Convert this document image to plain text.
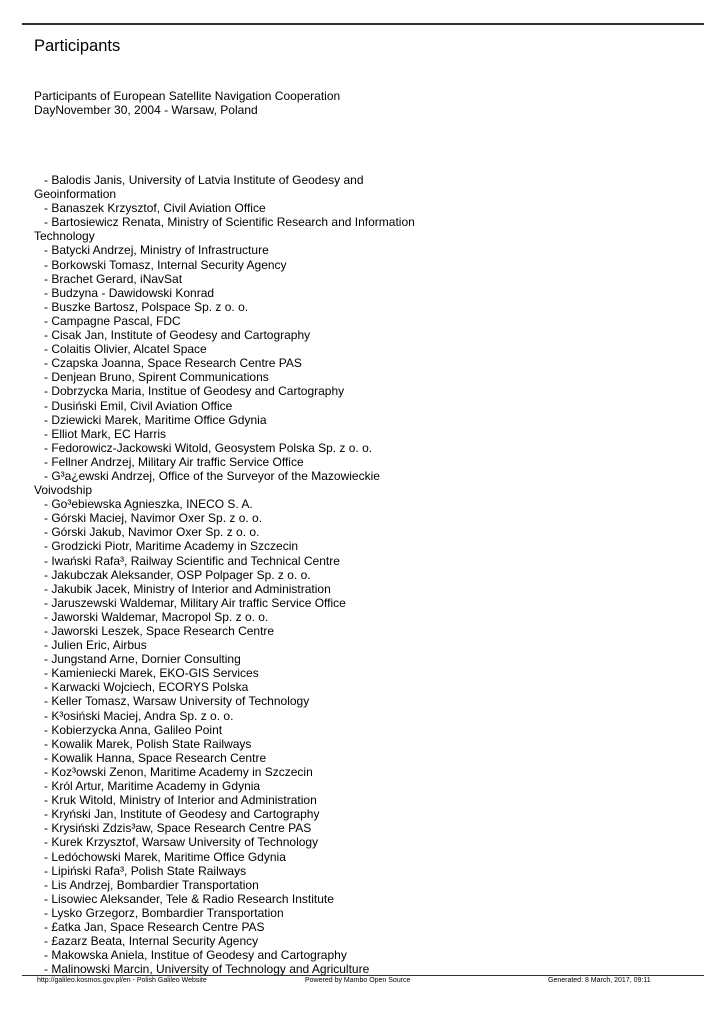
Participants
Participants of European Satellite Navigation Cooperation
DayNovember 30, 2004 - Warsaw, Poland
- Balodis Janis, University of Latvia Institute of Geodesy and
Geoinformation
- Banaszek Krzysztof, Civil Aviation Office
- Bartosiewicz Renata, Ministry of Scientific Research and Information
Technology
- Batycki Andrzej, Ministry of Infrastructure
- Borkowski Tomasz, Internal Security Agency
- Brachet Gerard, iNavSat
- Budzyna - Dawidowski Konrad
- Buszke Bartosz, Polspace Sp. z o. o.
- Campagne Pascal, FDC
- Cisak Jan, Institute of Geodesy and Cartography
- Colaitis Olivier, Alcatel Space
- Czapska Joanna, Space Research Centre PAS
- Denjean Bruno, Spirent Communications
- Dobrzycka Maria, Institue of Geodesy and Cartography
- Dusiński Emil, Civil Aviation Office
- Dziewicki Marek, Maritime Office Gdynia
- Elliot Mark, EC Harris
- Fedorowicz-Jackowski Witold, Geosystem Polska Sp. z o. o.
- Fellner Andrzej, Military Air traffic Service Office
- G³a¿ewski Andrzej, Office of the Surveyor of the Mazowieckie
Voivodship
- Go³ebiewska Agnieszka, INECO S. A.
- Górski Maciej, Navimor Oxer Sp. z o. o.
- Górski Jakub, Navimor Oxer Sp. z o. o.
- Grodzicki Piotr, Maritime Academy in Szczecin
- Iwański Rafa³, Railway Scientific and Technical Centre
- Jakubczak Aleksander, OSP Polpager Sp. z o. o.
- Jakubik Jacek, Ministry of Interior and Administration
- Jaruszewski Waldemar, Military Air traffic Service Office
- Jaworski Waldemar, Macropol Sp. z o. o.
- Jaworski Leszek, Space Research Centre
- Julien Eric, Airbus
- Jungstand Arne, Dornier Consulting
- Kamieniecki Marek, EKO-GIS Services
- Karwacki Wojciech, ECORYS Polska
- Keller Tomasz, Warsaw University of Technology
- K³osiński Maciej, Andra Sp. z o. o.
- Kobierzycka Anna, Galileo Point
- Kowalik Marek, Polish State Railways
- Kowalik Hanna, Space Research Centre
- Koz³owski Zenon, Maritime Academy in Szczecin
- Król Artur, Maritime Academy in Gdynia
- Kruk Witold, Ministry of Interior and Administration
- Kryński Jan, Institute of Geodesy and Cartography
- Krysiński Zdzis³aw, Space Research Centre PAS
- Kurek Krzysztof, Warsaw University of Technology
- Ledóchowski Marek, Maritime Office Gdynia
- Lipiński Rafa³, Polish State Railways
- Lis Andrzej, Bombardier Transportation
- Lisowiec Aleksander, Tele & Radio Research Institute
- Lysko Grzegorz, Bombardier Transportation
- £atka Jan, Space Research Centre PAS
- £azarz Beata, Internal Security Agency
- Makowska Aniela, Institue of Geodesy and Cartography
- Malinowski Marcin, University of Technology and Agriculture
http://galileo.kosmos.gov.pl/en - Polish Galileo Website	Powered by Mambo Open Source	Generated: 8 March, 2017, 09:11
